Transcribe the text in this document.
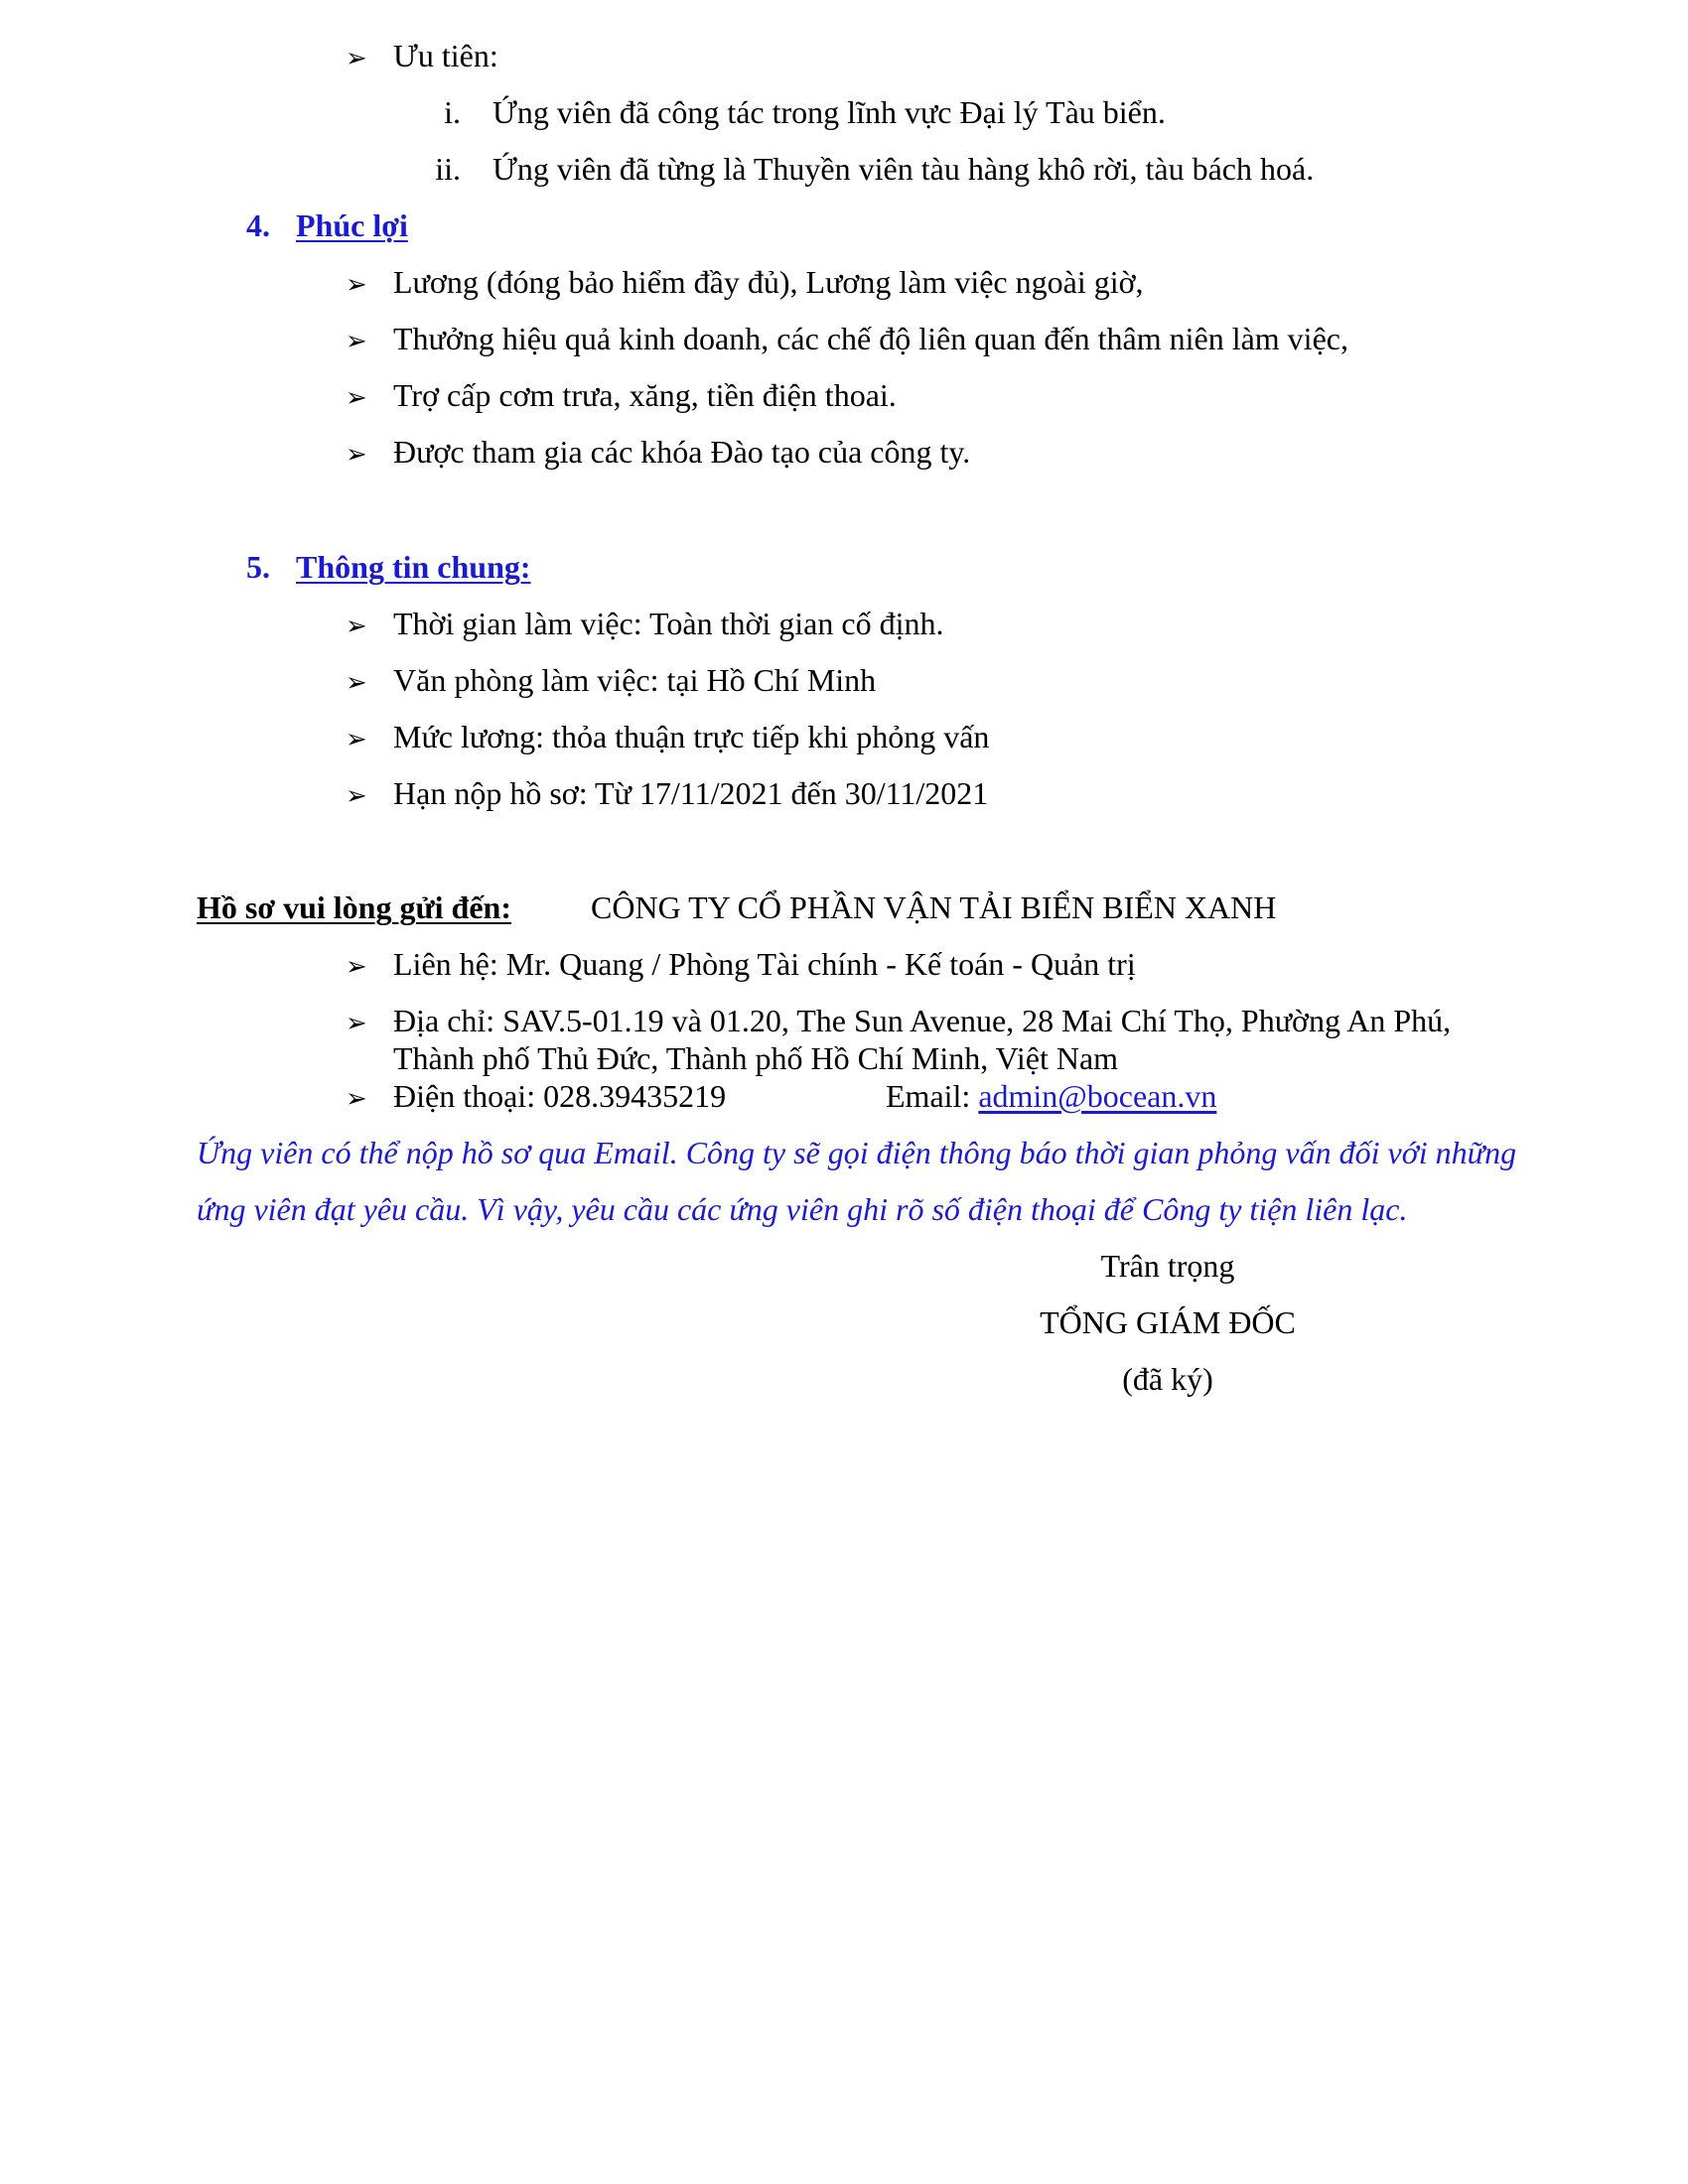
➢ Ưu tiên:
i. Ứng viên đã công tác trong lĩnh vực Đại lý Tàu biển.
ii. Ứng viên đã từng là Thuyền viên tàu hàng khô rời, tàu bách hoá.
4. Phúc lợi
➢ Lương (đóng bảo hiểm đầy đủ), Lương làm việc ngoài giờ,
➢ Thưởng hiệu quả kinh doanh, các chế độ liên quan đến thâm niên làm việc,
➢ Trợ cấp cơm trưa, xăng, tiền điện thoai.
➢ Được tham gia các khóa Đào tạo của công ty.
5. Thông tin chung:
➢ Thời gian làm việc: Toàn thời gian cố định.
➢ Văn phòng làm việc: tại Hồ Chí Minh
➢ Mức lương: thỏa thuận trực tiếp khi phỏng vấn
➢ Hạn nộp hồ sơ: Từ 17/11/2021 đến 30/11/2021
Hồ sơ vui lòng gửi đến:	CÔNG TY CỔ PHẦN VẬN TẢI BIỂN BIỂN XANH
➢ Liên hệ: Mr. Quang / Phòng Tài chính - Kế toán - Quản trị
➢ Địa chỉ: SAV.5-01.19 và 01.20, The Sun Avenue, 28 Mai Chí Thọ, Phường An Phú,
Thành phố Thủ Đức, Thành phố Hồ Chí Minh, Việt Nam
➢ Điện thoại: 028.39435219	Email: admin@bocean.vn
Ứng viên có thể nộp hồ sơ qua Email. Công ty sẽ gọi điện thông báo thời gian phỏng vấn đối với những
ứng viên đạt yêu cầu. Vì vậy, yêu cầu các ứng viên ghi rõ số điện thoại để Công ty tiện liên lạc.
Trân trọng
TỔNG GIÁM ĐỐC
(đã ký)
